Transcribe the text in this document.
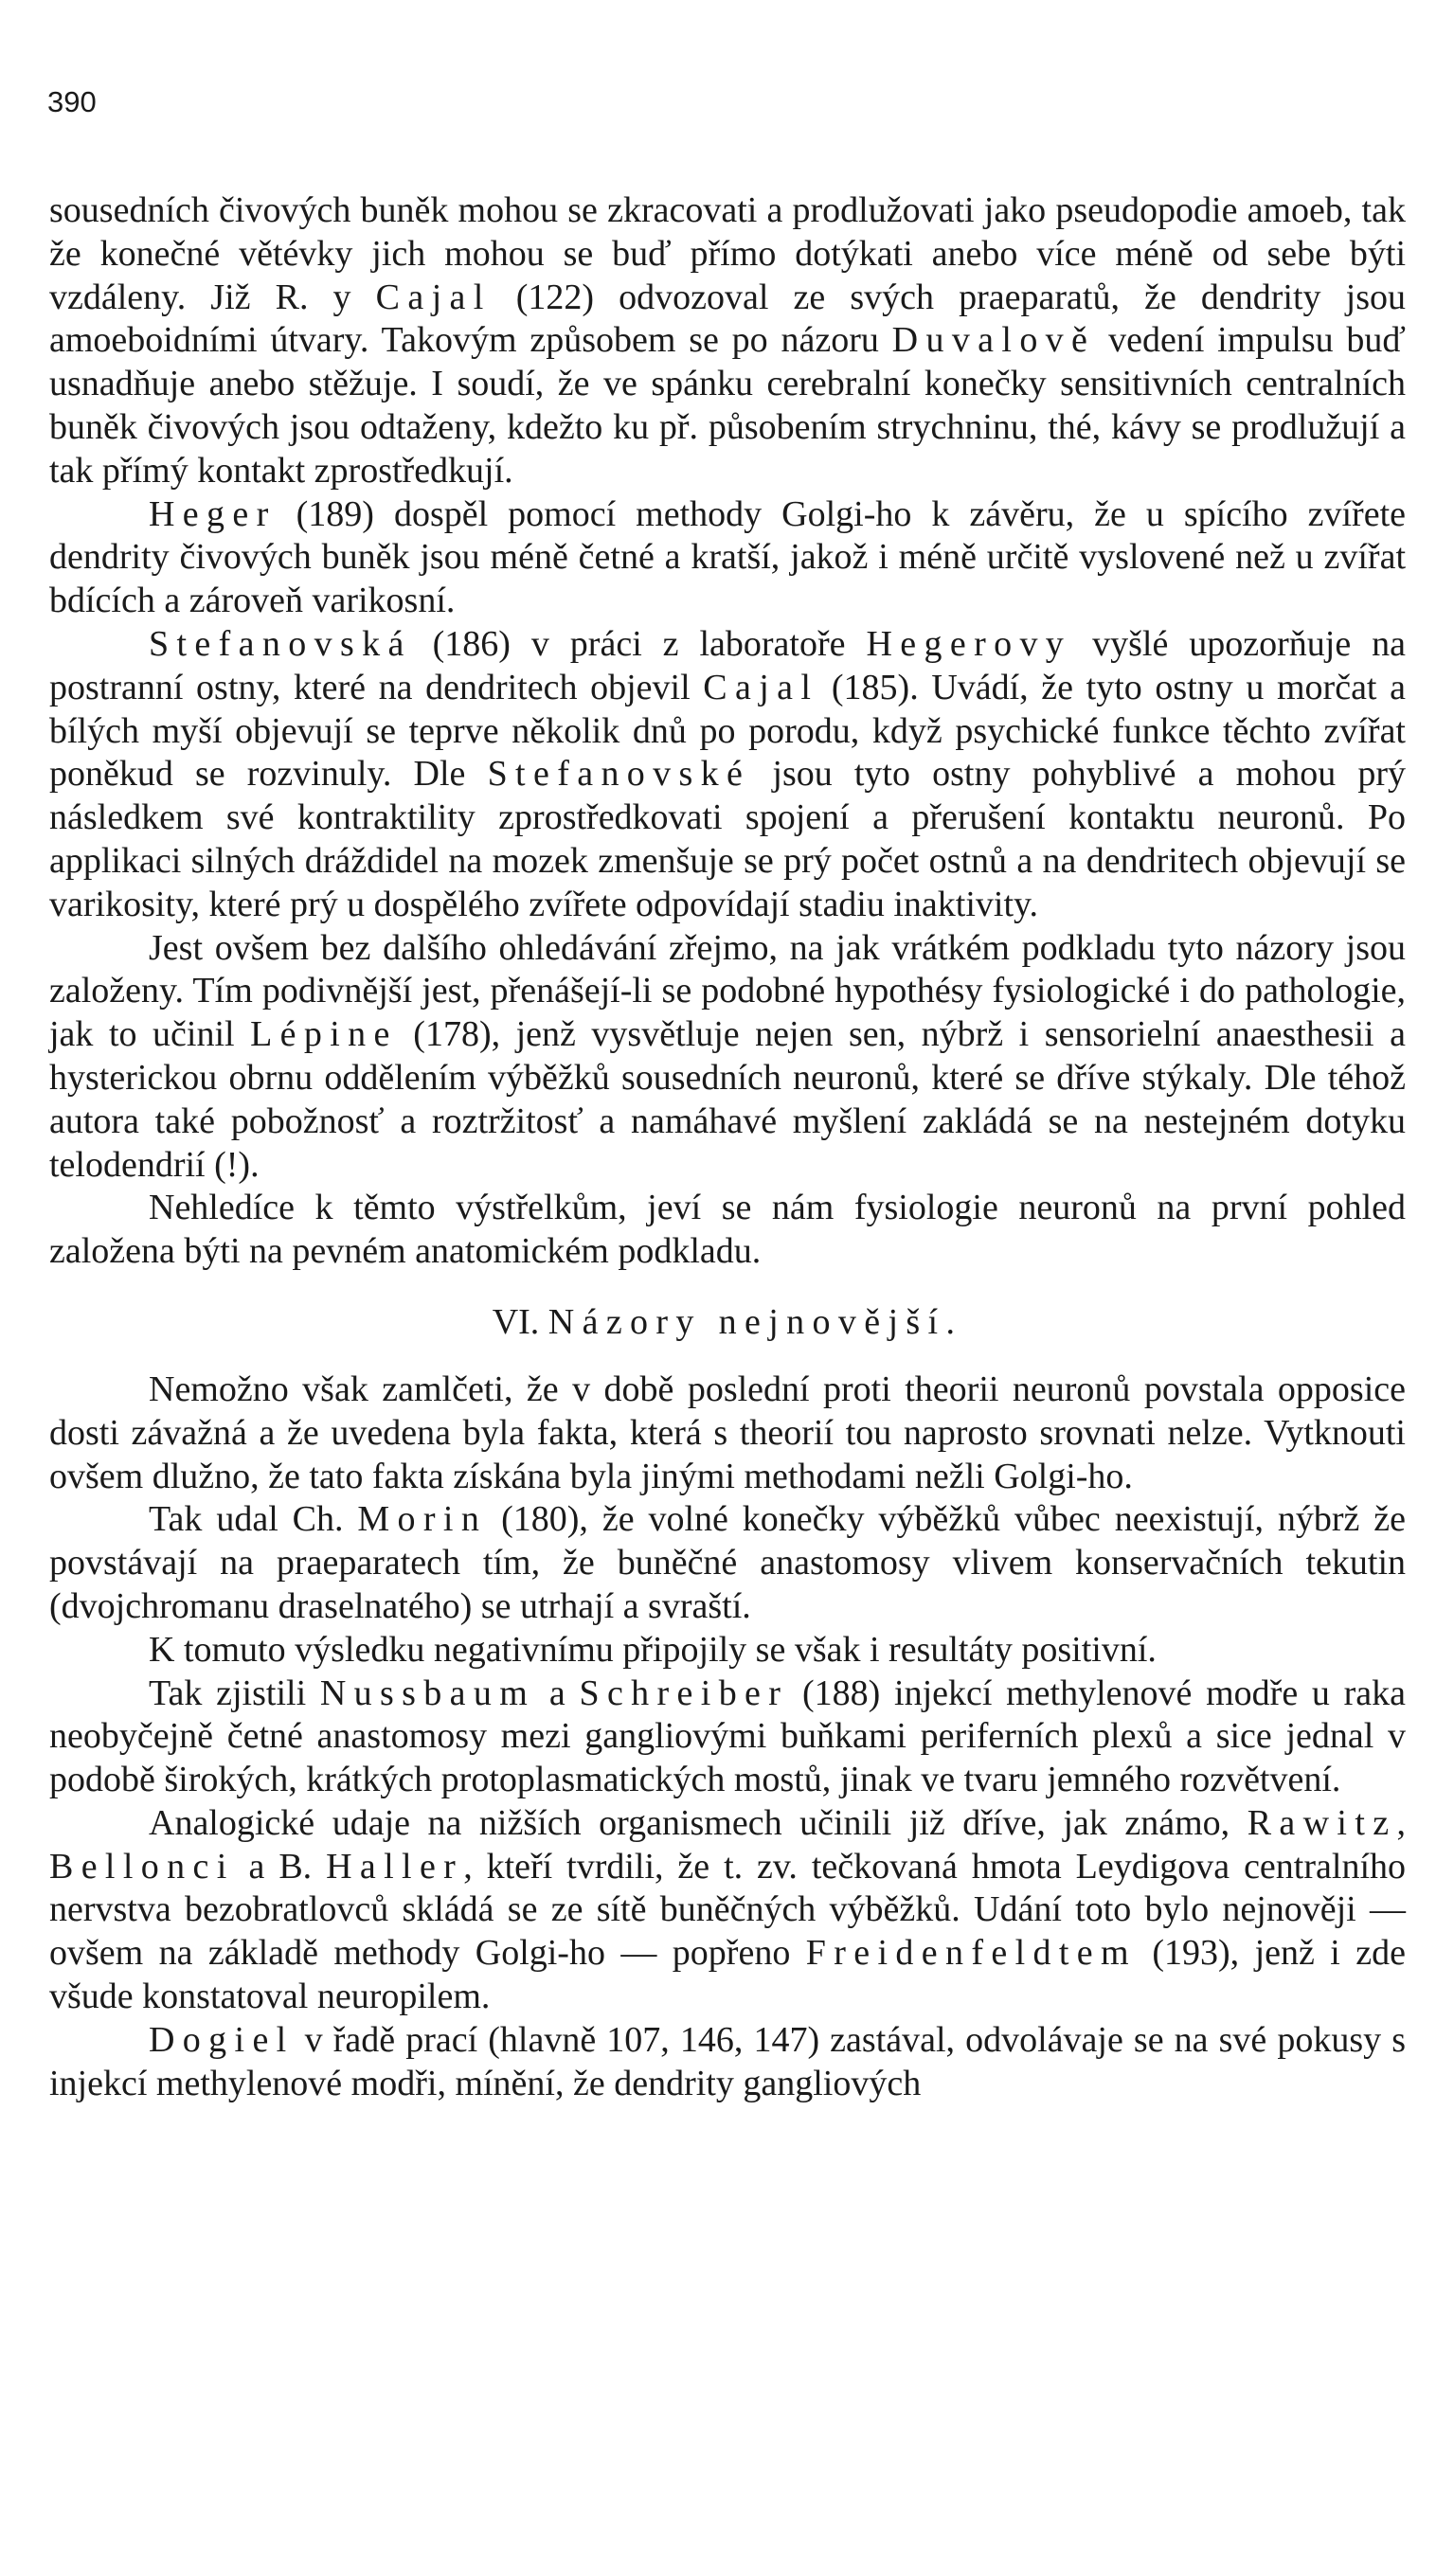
390

sousedních čivových buněk mohou se zkracovati a prodlužovati jako pseudopodie amoeb, tak že konečné větévky jich mohou se buď přímo dotýkati anebo více méně od sebe býti vzdáleny. Již R. y Cajal (122) odvozoval ze svých praeparatů, že dendrity jsou amoeboidními útvary. Takovým způsobem se po názoru Duvalově vedení impulsu buď usnadňuje anebo stěžuje. I soudí, že ve spánku cerebralní konečky sensitivních centralních buněk čivových jsou odtaženy, kdežto ku př. působením strychninu, thé, kávy se prodlužují a tak přímý kontakt zprostředkují.

Heger (189) dospěl pomocí methody Golgi-ho k závěru, že u spícího zvířete dendrity čivových buněk jsou méně četné a kratší, jakož i méně určitě vyslovené než u zvířat bdících a zároveň varikosní.

Stefanovská (186) v práci z laboratoře Hegerovy vyšlé upozorňuje na postranní ostny, které na dendritech objevil Cajal (185). Uvádí, že tyto ostny u morčat a bílých myší objevují se teprve několik dnů po porodu, když psychické funkce těchto zvířat poněkud se rozvinuly. Dle Stefanovské jsou tyto ostny pohyblivé a mohou prý následkem své kontraktility zprostředkovati spojení a přerušení kontaktu neuronů. Po applikaci silných dráždidel na mozek zmenšuje se prý počet ostnů a na dendritech objevují se varikosity, které prý u dospělého zvířete odpovídají stadiu inaktivity.

Jest ovšem bez dalšího ohledávání zřejmo, na jak vrátkém podkladu tyto názory jsou založeny. Tím podivnější jest, přenášejí-li se podobné hypothésy fysiologické i do pathologie, jak to učinil Lépine (178), jenž vysvětluje nejen sen, nýbrž i sensorielní anaesthesii a hysterickou obrnu oddělením výběžků sousedních neuronů, které se dříve stýkaly. Dle téhož autora také pobožnosť a roztržitosť a namáhavé myšlení zakládá se na nestejném dotyku telodendrií (!).

Nehledíce k těmto výstřelkům, jeví se nám fysiologie neuronů na první pohled založena býti na pevném anatomickém podkladu.

VI. Názory nejnovější.

Nemožno však zamlčeti, že v době poslední proti theorii neuronů povstala opposice dosti závažná a že uvedena byla fakta, která s theorií tou naprosto srovnati nelze. Vytknouti ovšem dlužno, že tato fakta získána byla jinými methodami nežli Golgi-ho.

Tak udal Ch. Morin (180), že volné konečky výběžků vůbec neexistují, nýbrž že povstávají na praeparatech tím, že buněčné anastomosy vlivem konservačních tekutin (dvojchromanu draselnatého) se utrhají a svraští.

K tomuto výsledku negativnímu připojily se však i resultáty positivní.

Tak zjistili Nussbaum a Schreiber (188) injekcí methylenové modře u raka neobyčejně četné anastomosy mezi gangliovými buňkami periferních plexů a sice jednal v podobě širokých, krátkých protoplasmatických mostů, jinak ve tvaru jemného rozvětvení.

Analogické udaje na nižších organismech učinili již dříve, jak známo, Rawitz, Bellonci a B. Haller, kteří tvrdili, že t. zv. tečkovaná hmota Leydigova centralního nervstva bezobratlovců skládá se ze sítě buněčných výběžků. Udání toto bylo nejnověji — ovšem na základě methody Golgi-ho — popřeno Freidenfeldtem (193), jenž i zde všude konstatoval neuropilem.

Dogiel v řadě prací (hlavně 107, 146, 147) zastával, odvolávaje se na své pokusy s injekcí methylenové modři, mínění, že dendrity gangliových
